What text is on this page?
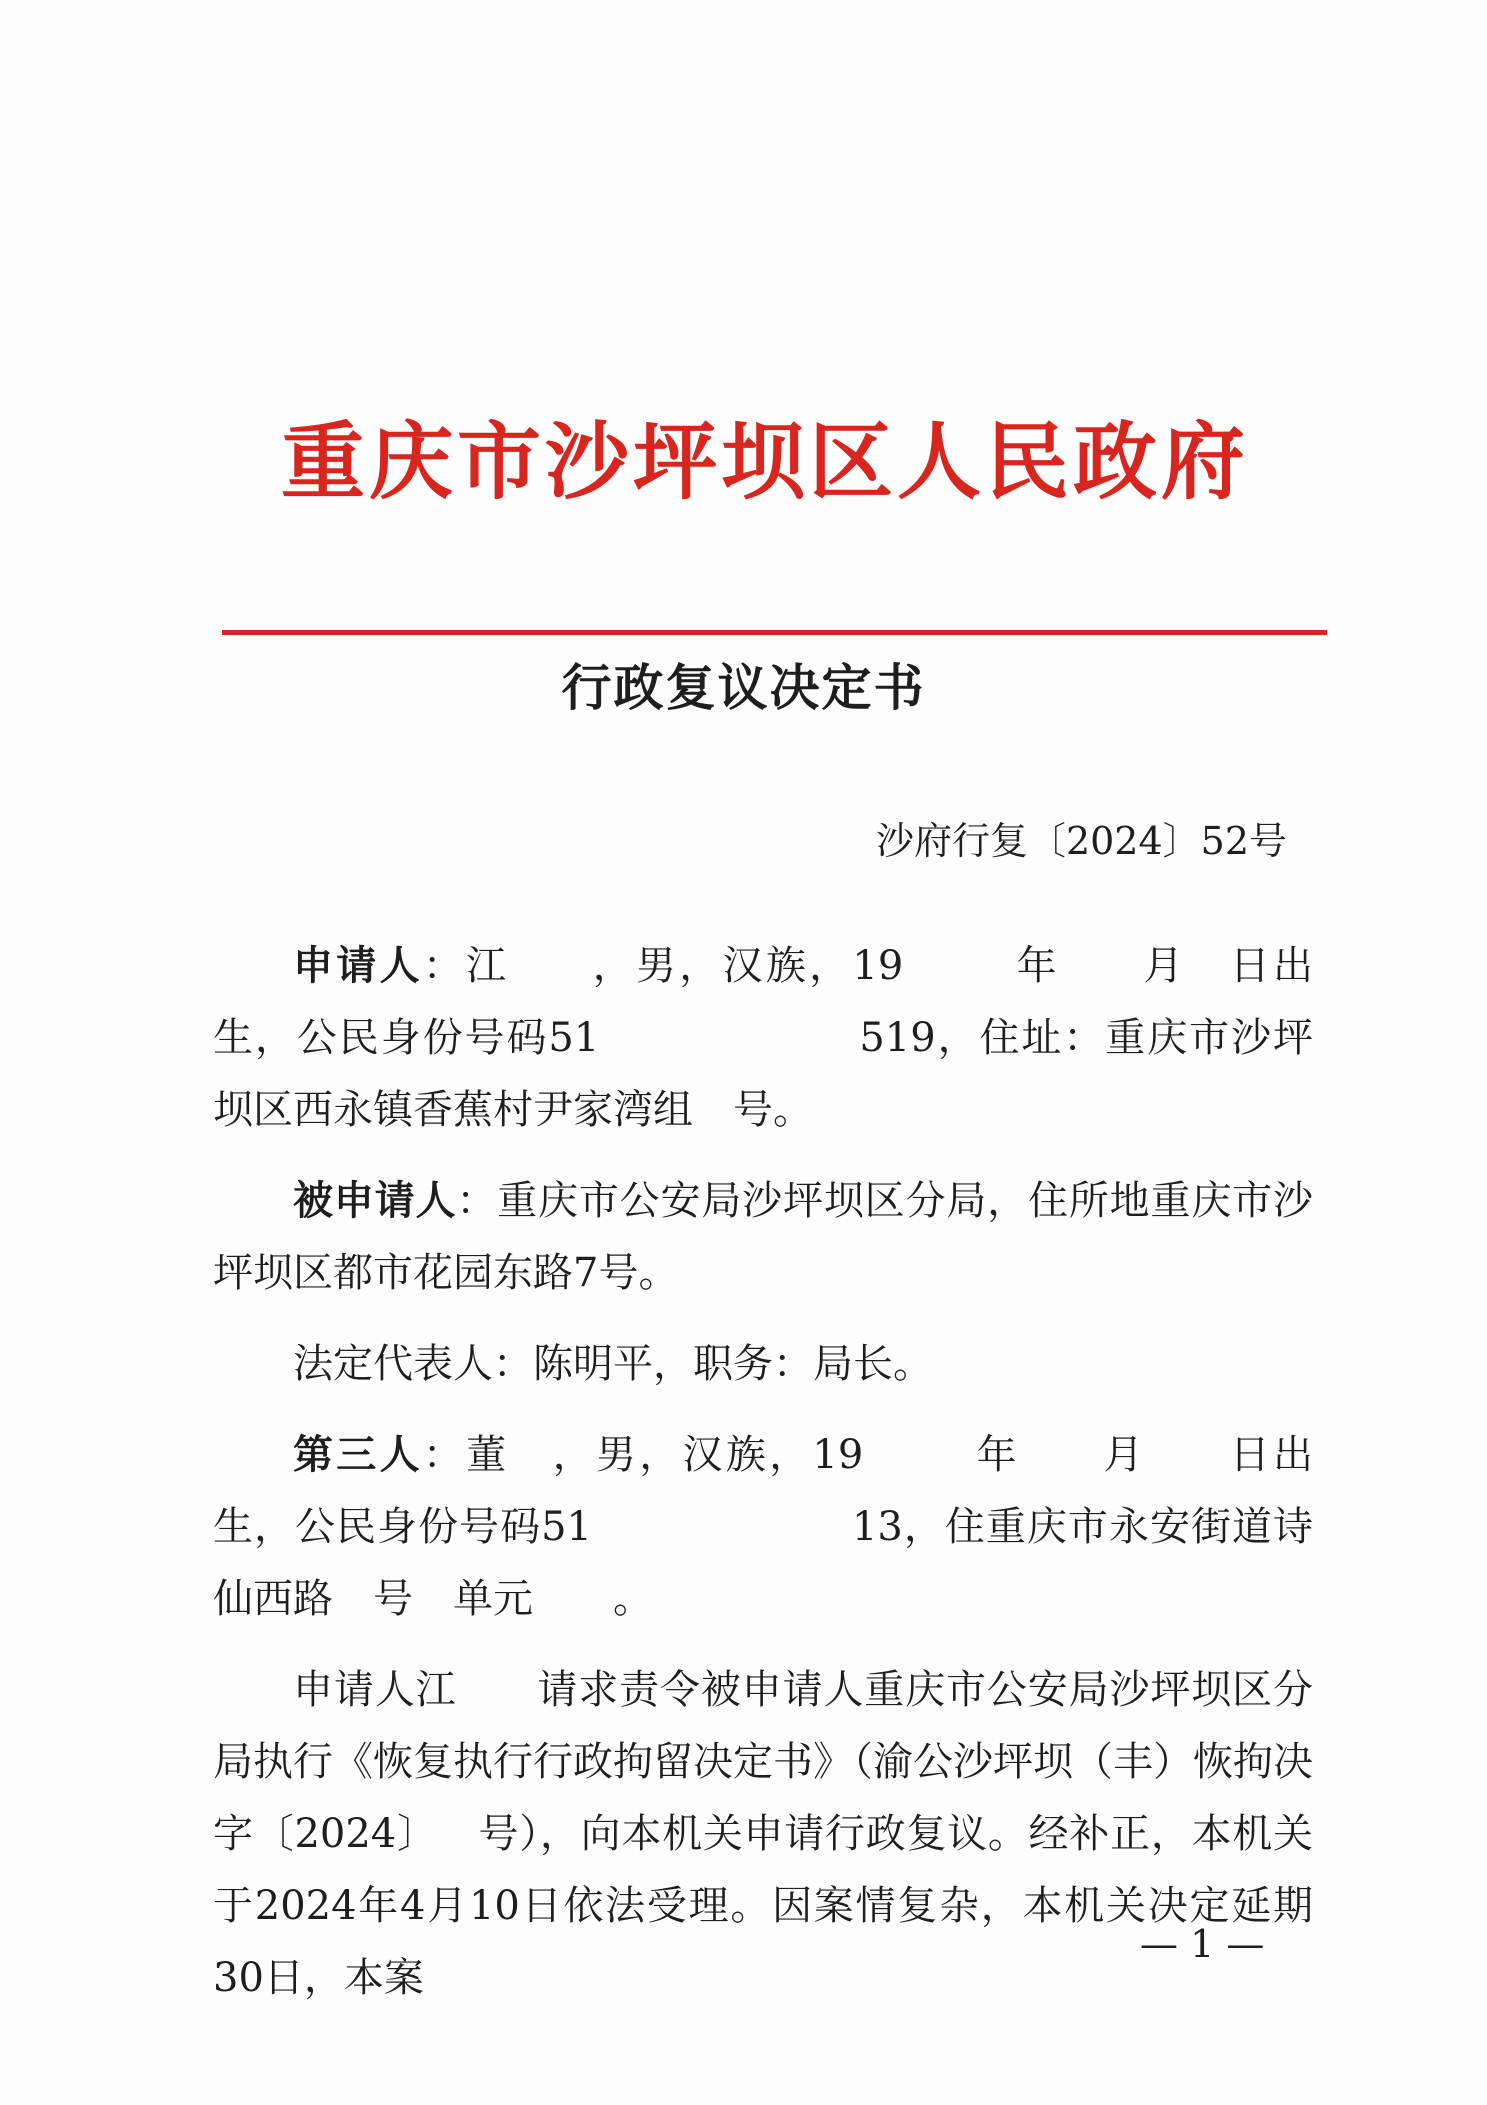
重庆市沙坪坝区人民政府
行政复议决定书
沙府行复〔2024〕52号

申请人：江 ，男，汉族，19	年 月 日出生，公民身份号码51	519，住址：重庆市沙坪坝区西永镇香蕉村尹家湾组 号。

被申请人：重庆市公安局沙坪坝区分局，住所地重庆市沙坪坝区都市花园东路7号。

法定代表人：陈明平，职务：局长。

第三人：董 ，男，汉族，19	年 月 日出生，公民身份号码51	13，住重庆市永安街道诗仙西路 号 单元 。

申请人江 请求责令被申请人重庆市公安局沙坪坝区分局执行《恢复执行行政拘留决定书》（渝公沙坪坝（丰）恢拘决字〔2024〕 号），向本机关申请行政复议。经补正，本机关于2024年4月10日依法受理。因案情复杂，本机关决定延期30日，本案

— 1 —
